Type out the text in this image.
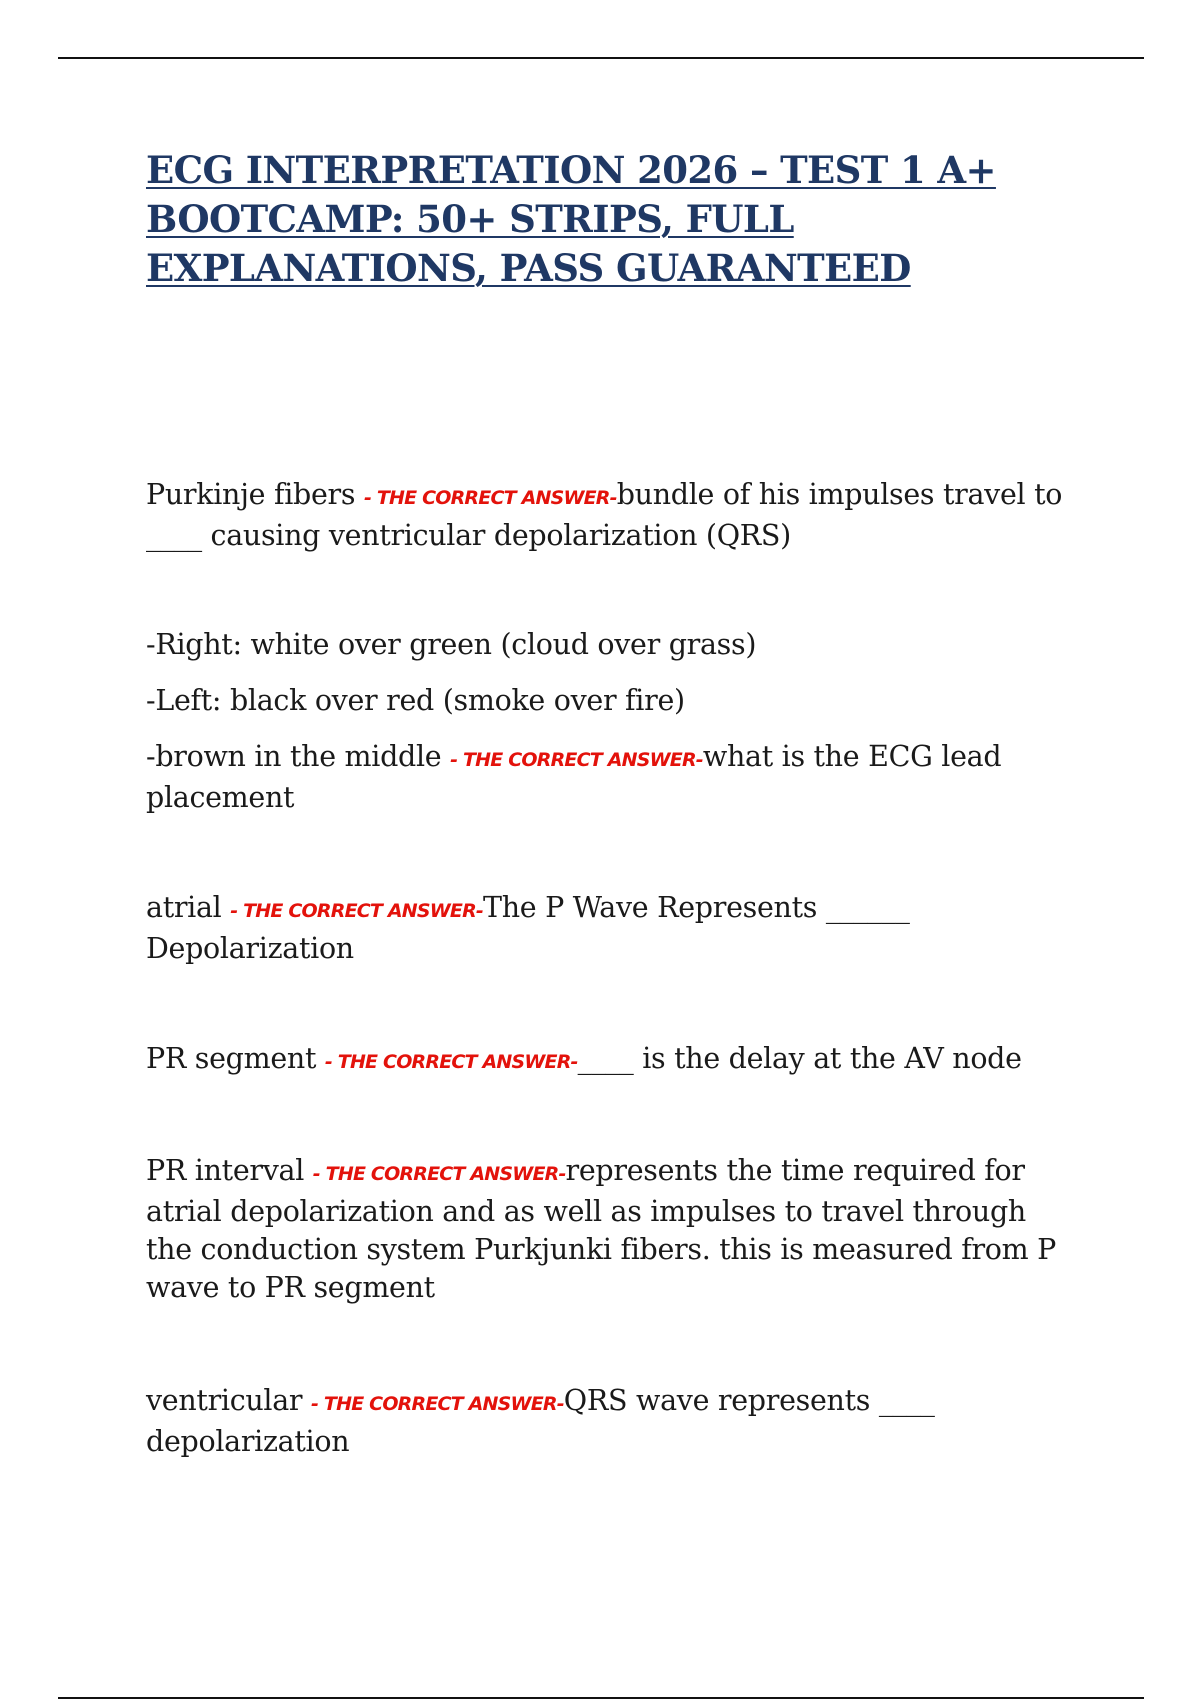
ECG INTERPRETATION 2026 – TEST 1 A+ BOOTCAMP: 50+ STRIPS, FULL EXPLANATIONS, PASS GUARANTEED

Purkinje fibers - THE CORRECT ANSWER-bundle of his impulses travel to ____ causing ventricular depolarization (QRS)

-Right: white over green (cloud over grass)

-Left: black over red (smoke over fire)

-brown in the middle - THE CORRECT ANSWER-what is the ECG lead placement

atrial - THE CORRECT ANSWER-The P Wave Represents ______ Depolarization

PR segment - THE CORRECT ANSWER-____ is the delay at the AV node

PR interval - THE CORRECT ANSWER-represents the time required for atrial depolarization and as well as impulses to travel through the conduction system Purkjunki fibers. this is measured from P wave to PR segment

ventricular - THE CORRECT ANSWER-QRS wave represents ____ depolarization
